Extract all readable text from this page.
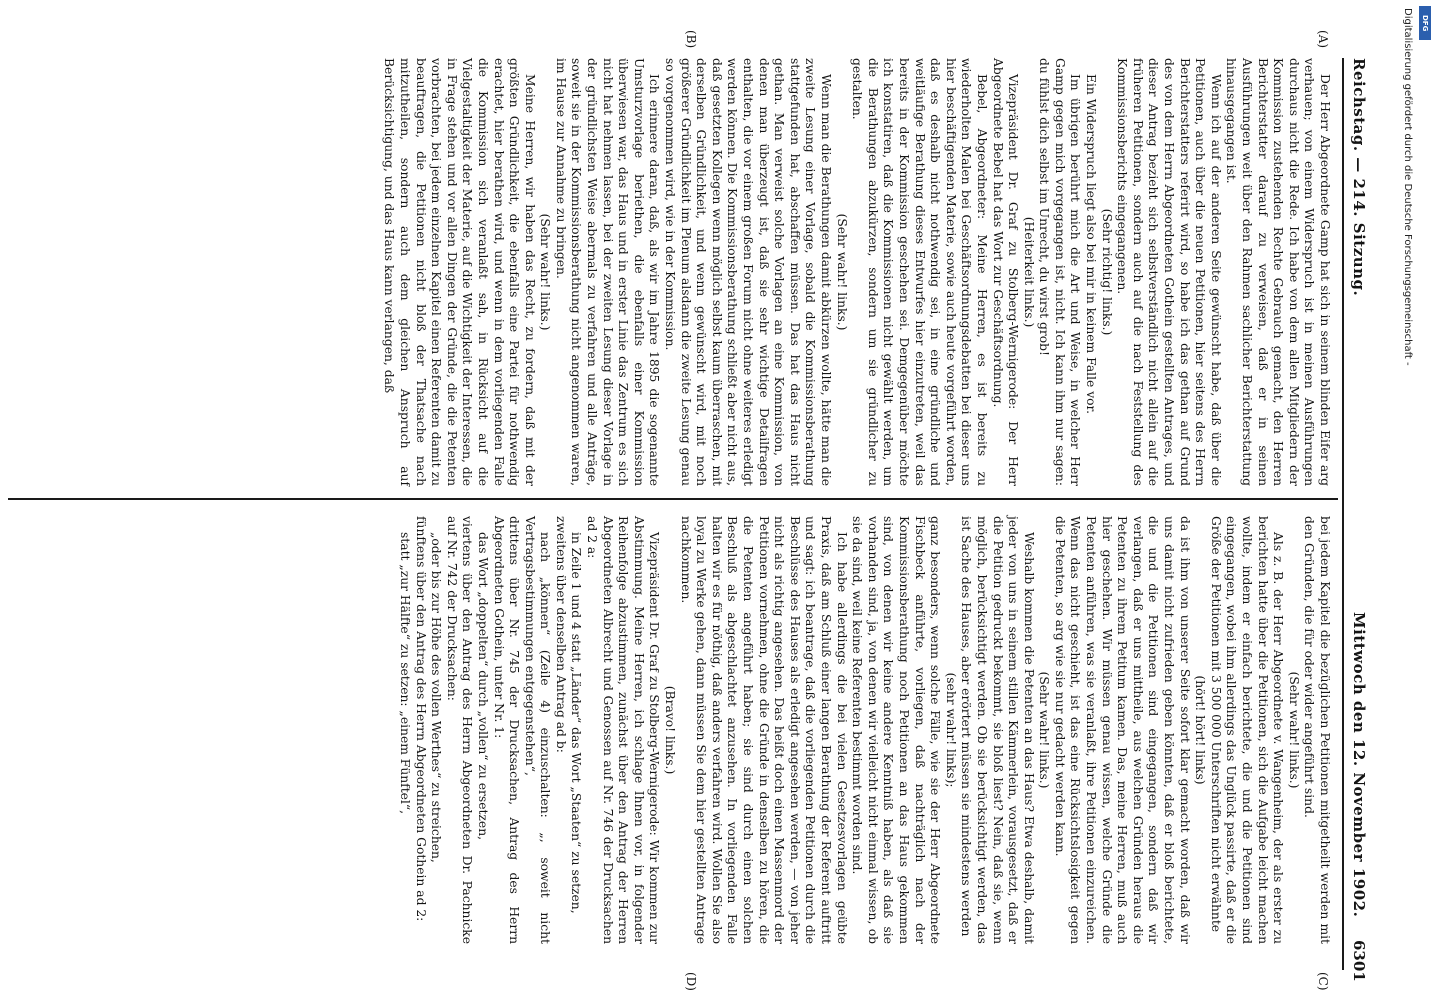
Reichstag. — 214. Sitzung.
Mittwoch den 12. November 1902.
6301
(A)
(B)
(C)
(D)

Der Herr Abgeordnete Gamp hat sich in seinem blinden Eifer arg verhauen; von einem Widerspruch ist in meinen Ausführungen durchaus nicht die Rede. Ich habe von dem allen Mitgliedern der Kommission zustehenden Rechte Gebrauch gemacht, den Herren Berichterstatter darauf zu verweisen, daß er in seinen Ausführungen weit über den Rahmen sachlicher Berichterstattung hinausgegangen ist.

Wenn ich auf der anderen Seite gewünscht habe, daß über die Petitionen, auch über die neuen Petitionen, hier seitens des Herrn Berichterstatters referirt wird, so habe ich das gethan auf Grund des von dem Herrn Abgeordneten Gothein gestellten Antrages, und dieser Antrag bezieht sich selbstverständlich nicht allein auf die früheren Petitionen, sondern auch auf die nach Feststellung des Kommissionsberichts eingegangenen.

(Sehr richtig! links.)

Ein Widerspruch liegt also bei mir in keinem Falle vor.

Im übrigen berührt mich die Art und Weise, in welcher Herr Gamp gegen mich vorgegangen ist, nicht. Ich kann ihm nur sagen: du fühlst dich selbst im Unrecht, du wirst grob!

(Heiterkeit links.)

Vizepräsident Dr. Graf zu Stolberg-Wernigerode: Der Herr Abgeordnete Bebel hat das Wort zur Geschäftsordnung.

Bebel, Abgeordneter: Meine Herren, es ist bereits zu wiederholten Malen bei Geschäftsordnungsdebatten bei dieser uns hier beschäftigenden Materie, sowie auch heute vorgeführt worden, daß es deshalb nicht nothwendig sei, in eine gründliche und weitläufige Berathung dieses Entwurfes hier einzutreten, weil das bereits in der Kommission geschehen sei. Demgegenüber möchte ich konstatiren, daß die Kommissionen nicht gewählt werden, um die Berathungen abzukürzen, sondern um sie gründlicher zu gestalten.

(Sehr wahr! links.)

Wenn man die Berathungen damit abkürzen wollte, hätte man die zweite Lesung einer Vorlage, sobald die Kommissionsberathung stattgefunden hat, abschaffen müssen. Das hat das Haus nicht gethan. Man verweist solche Vorlagen an eine Kommission, von denen man überzeugt ist, daß sie sehr wichtige Detailfragen enthalten, die vor einem großen Forum nicht ohne weiteres erledigt werden können. Die Kommissionsberathung schließt aber nicht aus, daß gesetzten Kollegen wenn möglich selbst kaum überraschen, mit derselben Gründlichkeit, und wenn gewünscht wird, mit noch größerer Gründlichkeit im Plenum alsdann die zweite Lesung genau so vorgenommen wird, wie in der Kommission.

Ich erinnere daran, daß, als wir im Jahre 1895 die sogenannte Umsturzvorlage beriethen, die ebenfalls einer Kommission überwiesen war, das Haus und in erster Linie das Zentrum es sich nicht hat nehmen lassen, bei der zweiten Lesung dieser Vorlage in der gründlichsten Weise abermals zu verfahren und alle Anträge, soweit sie in der Kommissionsberathung nicht angenommen waren, im Hause zur Annahme zu bringen.

(Sehr wahr! links.)

Meine Herren, wir haben das Recht, zu fordern, daß mit der größten Gründlichkeit, die ebenfalls eine Partei für nothwendig erachtet, hier berathen wird, und wenn in dem vorliegenden Falle die Kommission sich veranlaßt sah, in Rücksicht auf die Vielgestaltigkeit der Materie, auf die Wichtigkeit der Interessen, die in Frage stehen und vor allen Dingen der Gründe, die die Petenten vorbrachten, bei jedem einzelnen Kapitel einen Referenten damit zu beauftragen, die Petitionen nicht bloß der Thatsache nach mitzutheilen, sondern auch dem gleichen Anspruch auf Berücksichtigung, und das Haus kann verlangen, daß

bei jedem Kapitel die bezüglichen Petitionen mitgetheilt werden mit den Gründen, die für oder wider angeführt sind.

(Sehr wahr! links.)

Als z. B. der Herr Abgeordnete v. Wangenheim, der als erster zu berichten hatte über die Petitionen, sich die Aufgabe leicht machen wollte, indem er einfach berichtete, die und die Petitionen sind eingegangen, wobei ihm allerdings das Unglück passirte, daß er die Größe der Petitionen mit 3 500 000 Unterschriften nicht erwähnte

(hört! hört! links)

da ist ihm von unserer Seite sofort klar gemacht worden, daß wir uns damit nicht zufrieden geben könnten, daß er bloß berichtete, die und die Petitionen sind eingegangen, sondern daß wir verlangen, daß er uns mittheile, aus welchen Gründen heraus die Petenten zu ihrem Petitum kamen. Das, meine Herren, muß auch hier geschehen. Wir müssen genau wissen, welche Gründe die Petenten anführen, was sie veranlaßt, ihre Petitionen einzureichen. Wenn das nicht geschieht, ist das eine Rücksichtslosigkeit gegen die Petenten, so arg wie sie nur gedacht werden kann.

(Sehr wahr! links.)

Weshalb kommen die Petenten an das Haus? Etwa deshalb, damit jeder von uns in seinem stillen Kämmerlein, vorausgesetzt, daß er die Petition gedruckt bekommt, sie bloß liest? Nein, daß sie, wenn möglich, berücksichtigt werden. Ob sie berücksichtigt werden, das ist Sache des Hauses, aber erörtert müssen sie mindestens werden

(sehr wahr! links);

ganz besonders, wenn solche Fälle, wie sie der Herr Abgeordnete Fischbeck anführte, vorliegen, daß nachträglich nach der Kommissionsberathung noch Petitionen an das Haus gekommen sind, von denen wir keine andere Kenntniß haben, als daß sie vorhanden sind, ja, von denen wir vielleicht nicht einmal wissen, ob sie da sind, weil keine Referenten bestimmt worden sind.

Ich habe allerdings die bei vielen Gesetzesvorlagen geübte Praxis, daß am Schluß einer langen Berathung der Referent auftritt und sagt: ich beantrage, daß die vorliegenden Petitionen durch die Beschlüsse des Hauses als erledigt angesehen werden, — von jeher nicht als richtig angesehen. Das heißt doch einen Massenmord der Petitionen vornehmen, ohne die Gründe in denselben zu hören, die die Petenten angeführt haben; sie sind durch einen solchen Beschluß als abgeschlachtet anzusehen. In vorliegenden Falle halten wir es für nöthig, daß anders verfahren wird. Wollen Sie also loyal zu Werke gehen, dann müssen Sie dem hier gestellten Antrage nachkommen.

(Bravo! links.)

Vizepräsident Dr. Graf zu Stolberg-Wernigerode: Wir kommen zur Abstimmung. Meine Herren, ich schlage Ihnen vor, in folgender Reihenfolge abzustimmen, zunächst über den Antrag der Herren Abgeordneten Albrecht und Genossen auf Nr. 746 der Drucksachen ad 2 a:

in Zeile 1 und 4 statt „Länder“ das Wort „Staaten“ zu setzen,

zweitens über denselben Antrag ad b:

nach „können“ (Zeile 4) einzuschalten: „, soweit nicht Vertragsbestimmungen entgegenstehen“,

drittens über Nr. 745 der Drucksachen, Antrag des Herrn Abgeordneten Gothein, unter Nr. 1:

das Wort „doppelten“ durch „vollen“ zu ersetzen,

viertens über den Antrag des Herrn Abgeordneten Dr. Pachnicke auf Nr. 742 der Drucksachen:

„oder bis zur Höhe des vollen Werthes“ zu streichen,

fünftens über den Antrag des Herrn Abgeordneten Gothein ad 2:

statt „zur Hälfte“ zu setzen: „einem Fünftel“,

Digitalisierung gefördert durch die Deutsche Forschungsgemeinschaft - DFG
